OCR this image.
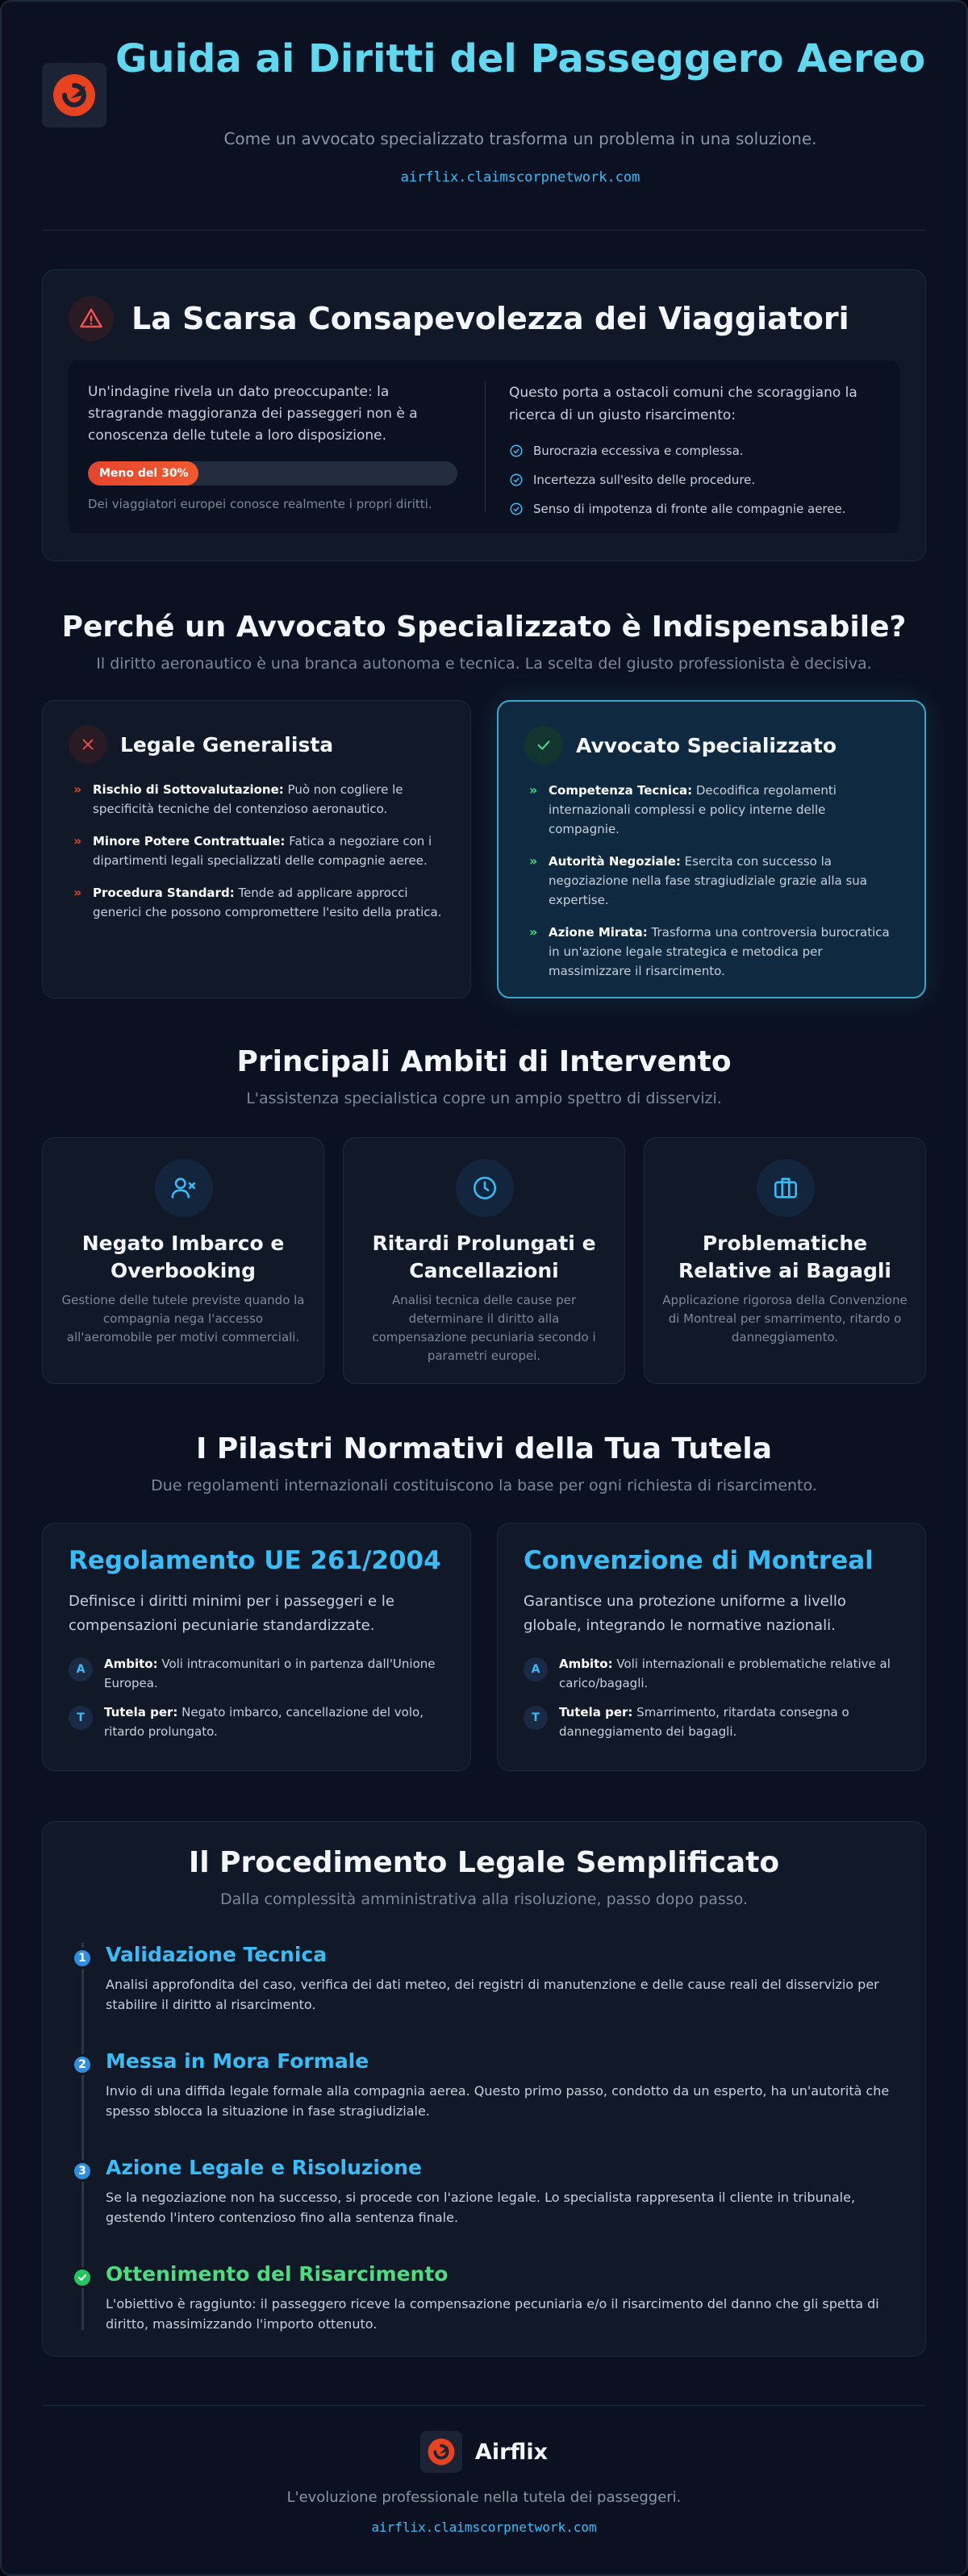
Guida ai Diritti del Passeggero Aereo

Come un avvocato specializzato trasforma un problema in una soluzione.

airflix.claimscorpnetwork.com
La Scarsa Consapevolezza dei Viaggiatori

Un'indagine rivela un dato preoccupante: la stragrande maggioranza dei passeggeri non è a conoscenza delle tutele a loro disposizione.

Meno del 30%

Dei viaggiatori europei conosce realmente i propri diritti.

Questo porta a ostacoli comuni che scoraggiano la ricerca di un giusto risarcimento:

Burocrazia eccessiva e complessa.
Incertezza sull'esito delle procedure.
Senso di impotenza di fronte alle compagnie aeree.
Perché un Avvocato Specializzato è Indispensabile?

Il diritto aeronautico è una branca autonoma e tecnica. La scelta del giusto professionista è decisiva.

Legale Generalista
» Rischio di Sottovalutazione: Può non cogliere le specificità tecniche del contenzioso aeronautico.
» Minore Potere Contrattuale: Fatica a negoziare con i dipartimenti legali specializzati delle compagnie aeree.
» Procedura Standard: Tende ad applicare approcci generici che possono compromettere l'esito della pratica.
Avvocato Specializzato
» Competenza Tecnica: Decodifica regolamenti internazionali complessi e policy interne delle compagnie.
» Autorità Negoziale: Esercita con successo la negoziazione nella fase stragiudiziale grazie alla sua expertise.
» Azione Mirata: Trasforma una controversia burocratica in un'azione legale strategica e metodica per massimizzare il risarcimento.
Principali Ambiti di Intervento

L'assistenza specialistica copre un ampio spettro di disservizi.

Negato Imbarco e Overbooking

Gestione delle tutele previste quando la compagnia nega l'accesso all'aeromobile per motivi commerciali.

Ritardi Prolungati e Cancellazioni

Analisi tecnica delle cause per determinare il diritto alla compensazione pecuniaria secondo i parametri europei.

Problematiche Relative ai Bagagli

Applicazione rigorosa della Convenzione di Montreal per smarrimento, ritardo o danneggiamento.

I Pilastri Normativi della Tua Tutela

Due regolamenti internazionali costituiscono la base per ogni richiesta di risarcimento.

Regolamento UE 261/2004

Definisce i diritti minimi per i passeggeri e le compensazioni pecuniarie standardizzate.

A	Ambito: Voli intracomunitari o in partenza dall'Unione Europea.
T	Tutela per: Negato imbarco, cancellazione del volo, ritardo prolungato.
Convenzione di Montreal

Garantisce una protezione uniforme a livello globale, integrando le normative nazionali.

A	Ambito: Voli internazionali e problematiche relative al carico/bagagli.
T	Tutela per: Smarrimento, ritardata consegna o danneggiamento dei bagagli.
Il Procedimento Legale Semplificato

Dalla complessità amministrativa alla risoluzione, passo dopo passo.

1 Validazione Tecnica

Analisi approfondita del caso, verifica dei dati meteo, dei registri di manutenzione e delle cause reali del disservizio per stabilire il diritto al risarcimento.

2 Messa in Mora Formale

Invio di una diffida legale formale alla compagnia aerea. Questo primo passo, condotto da un esperto, ha un'autorità che spesso sblocca la situazione in fase stragiudiziale.

3 Azione Legale e Risoluzione

Se la negoziazione non ha successo, si procede con l'azione legale. Lo specialista rappresenta il cliente in tribunale, gestendo l'intero contenzioso fino alla sentenza finale.

Ottenimento del Risarcimento

L'obiettivo è raggiunto: il passeggero riceve la compensazione pecuniaria e/o il risarcimento del danno che gli spetta di diritto, massimizzando l'importo ottenuto.

Airflix

L'evoluzione professionale nella tutela dei passeggeri.

airflix.claimscorpnetwork.com
